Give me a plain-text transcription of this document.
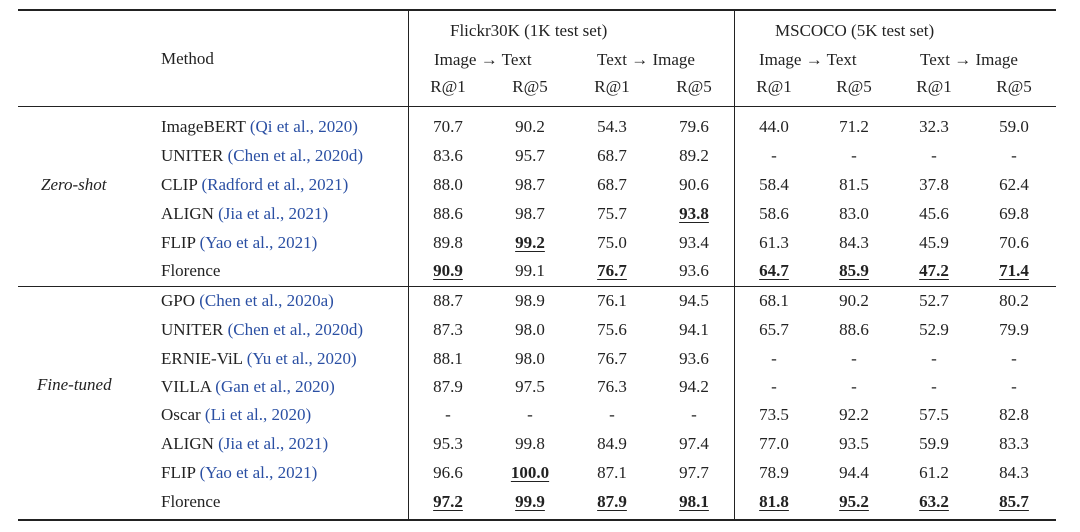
Method
Flickr30K (1K test set)	MSCOCO (5K test set)
Image → Text	Text → Image	Image → Text	Text → Image
R@1	R@5	R@1	R@5	R@1	R@5	R@1	R@5
Zero-shot
Fine-tuned
ImageBERT (Qi et al., 2020)	70.7	90.2	54.3	79.6	44.0	71.2	32.3	59.0
UNITER (Chen et al., 2020d)	83.6	95.7	68.7	89.2	-	-	-	-
CLIP (Radford et al., 2021)	88.0	98.7	68.7	90.6	58.4	81.5	37.8	62.4
ALIGN (Jia et al., 2021)	88.6	98.7	75.7	93.8	58.6	83.0	45.6	69.8
FLIP (Yao et al., 2021)	89.8	99.2	75.0	93.4	61.3	84.3	45.9	70.6
Florence	90.9	99.1	76.7	93.6	64.7	85.9	47.2	71.4
GPO (Chen et al., 2020a)	88.7	98.9	76.1	94.5	68.1	90.2	52.7	80.2
UNITER (Chen et al., 2020d)	87.3	98.0	75.6	94.1	65.7	88.6	52.9	79.9
ERNIE-ViL (Yu et al., 2020)	88.1	98.0	76.7	93.6	-	-	-	-
VILLA (Gan et al., 2020)	87.9	97.5	76.3	94.2	-	-	-	-
Oscar (Li et al., 2020)	-	-	-	-	73.5	92.2	57.5	82.8
ALIGN (Jia et al., 2021)	95.3	99.8	84.9	97.4	77.0	93.5	59.9	83.3
FLIP (Yao et al., 2021)	96.6	100.0	87.1	97.7	78.9	94.4	61.2	84.3
Florence	97.2	99.9	87.9	98.1	81.8	95.2	63.2	85.7
